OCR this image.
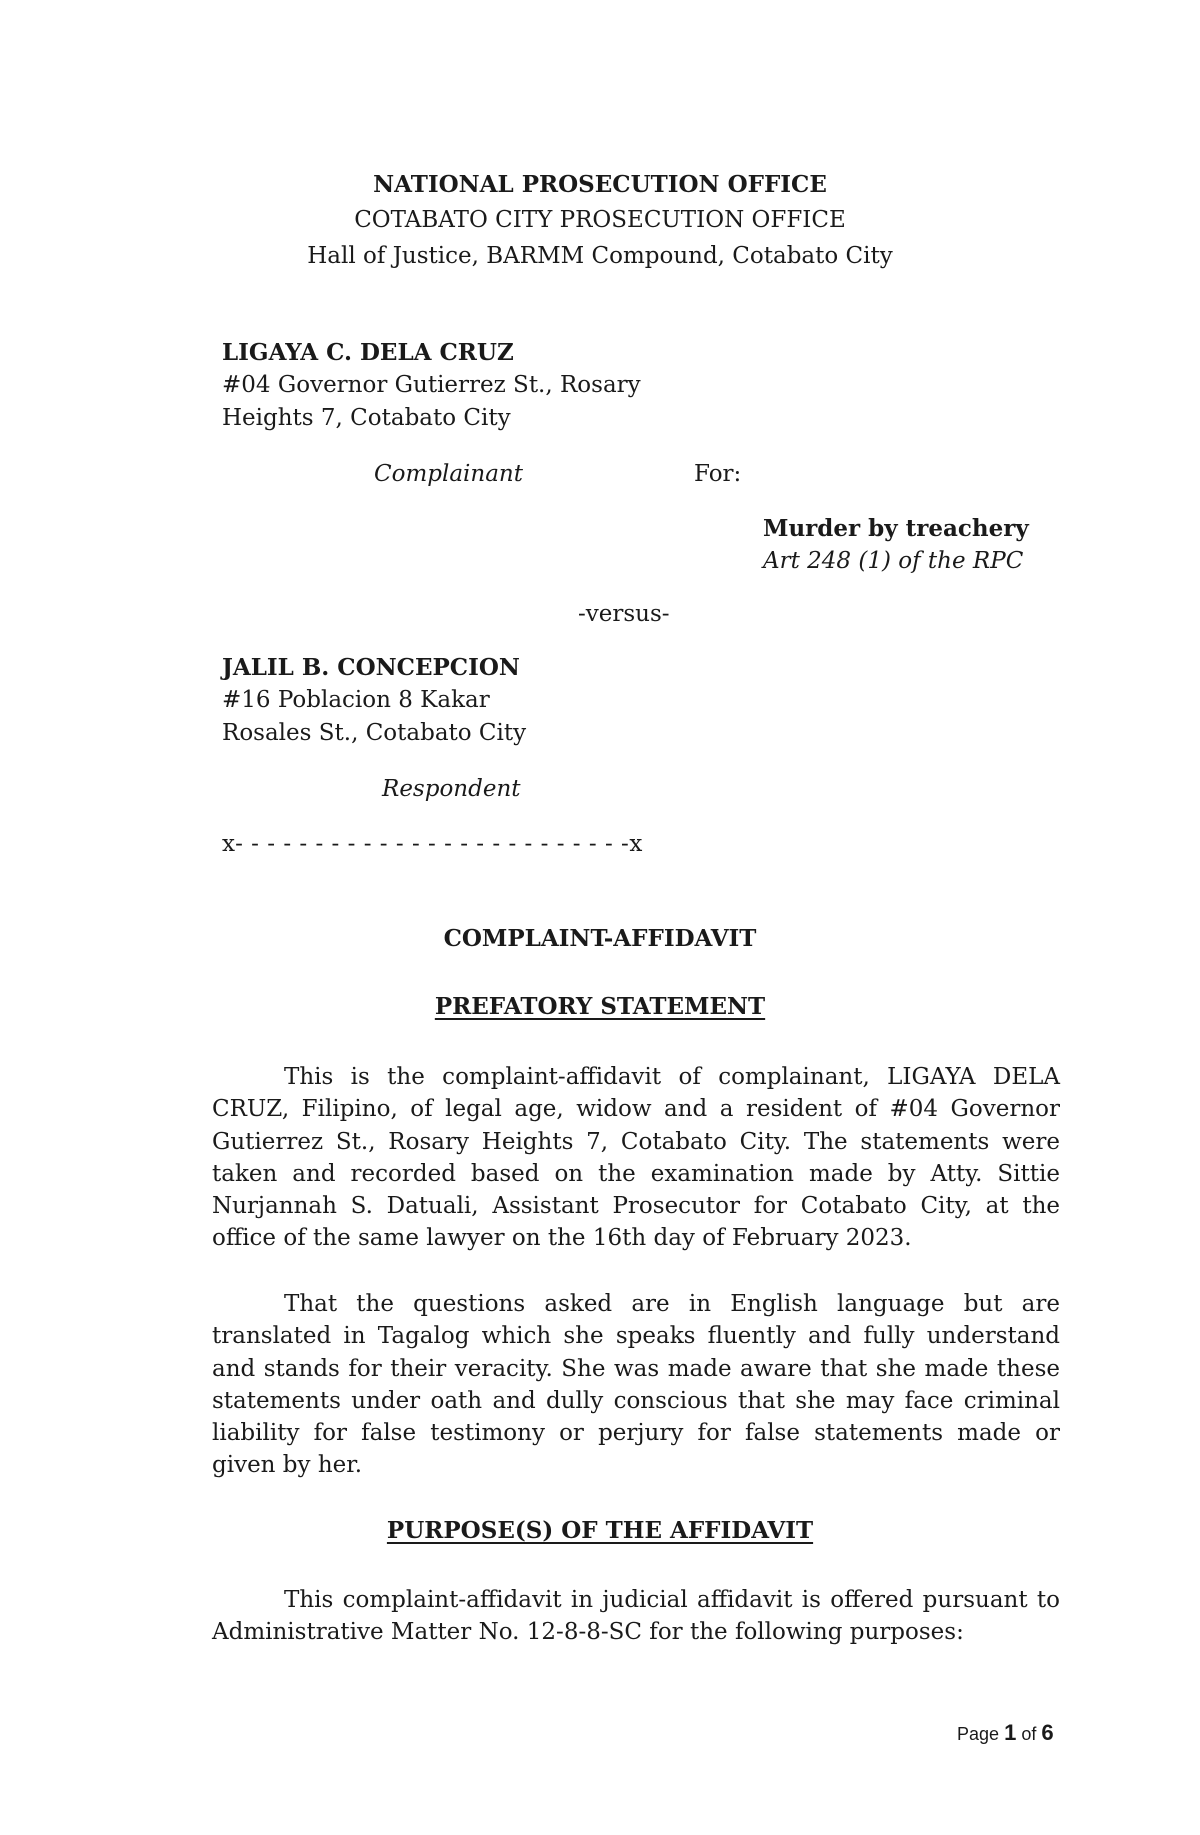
NATIONAL PROSECUTION OFFICE
COTABATO CITY PROSECUTION OFFICE
Hall of Justice, BARMM Compound, Cotabato City
LIGAYA C. DELA CRUZ
#04 Governor Gutierrez St., Rosary
Heights 7, Cotabato City
Complainant	For:
Murder by treachery
Art 248 (1) of the RPC
-versus-
JALIL B. CONCEPCION
#16 Poblacion 8 Kakar
Rosales St., Cotabato City
Respondent
x- - - - - - - - - - - - - - - - - - - - - - - - -x
COMPLAINT-AFFIDAVIT
PREFATORY STATEMENT
This is the complaint-affidavit of complainant, LIGAYA DELA CRUZ, Filipino, of legal age, widow and a resident of #04 Governor Gutierrez St., Rosary Heights 7, Cotabato City. The statements were taken and recorded based on the examination made by Atty. Sittie Nurjannah S. Datuali, Assistant Prosecutor for Cotabato City, at the office of the same lawyer on the 16th day of February 2023.
That the questions asked are in English language but are translated in Tagalog which she speaks fluently and fully understand and stands for their veracity. She was made aware that she made these statements under oath and dully conscious that she may face criminal liability for false testimony or perjury for false statements made or given by her.
PURPOSE(S) OF THE AFFIDAVIT
This complaint-affidavit in judicial affidavit is offered pursuant to Administrative Matter No. 12-8-8-SC for the following purposes:
Page 1 of 6
